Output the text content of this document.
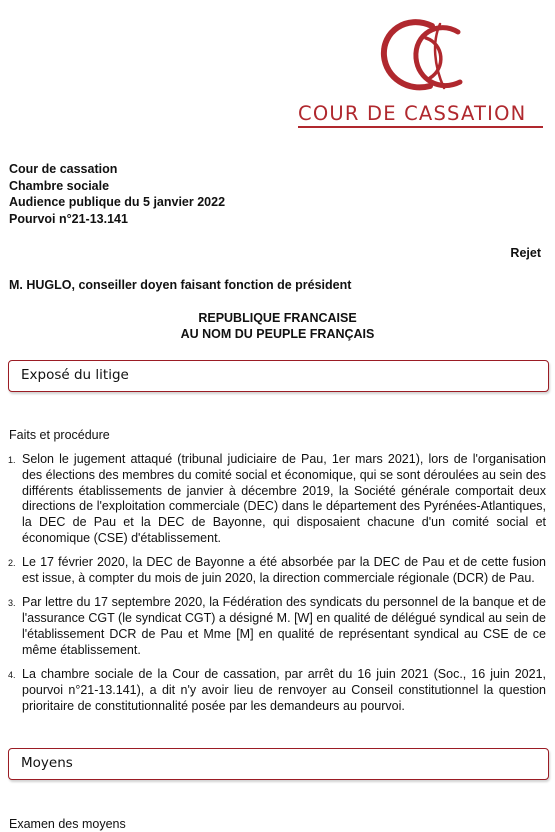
COUR DE CASSATION
Cour de cassation
Chambre sociale
Audience publique du 5 janvier 2022
Pourvoi n°21-13.141
Rejet
M. HUGLO, conseiller doyen faisant fonction de président
REPUBLIQUE FRANCAISE
AU NOM DU PEUPLE FRANÇAIS
Exposé du litige
Faits et procédure
1. Selon le jugement attaqué (tribunal judiciaire de Pau, 1er mars 2021), lors de l'organisation des élections des membres du comité social et économique, qui se sont déroulées au sein des différents établissements de janvier à décembre 2019, la Société générale comportait deux directions de l'exploitation commerciale (DEC) dans le département des Pyrénées-Atlantiques, la DEC de Pau et la DEC de Bayonne, qui disposaient chacune d'un comité social et économique (CSE) d'établissement.
2. Le 17 février 2020, la DEC de Bayonne a été absorbée par la DEC de Pau et de cette fusion est issue, à compter du mois de juin 2020, la direction commerciale régionale (DCR) de Pau.
3. Par lettre du 17 septembre 2020, la Fédération des syndicats du personnel de la banque et de l'assurance CGT (le syndicat CGT) a désigné M. [W] en qualité de délégué syndical au sein de l'établissement DCR de Pau et Mme [M] en qualité de représentant syndical au CSE de ce même établissement.
4. La chambre sociale de la Cour de cassation, par arrêt du 16 juin 2021 (Soc., 16 juin 2021, pourvoi n°21-13.141), a dit n'y avoir lieu de renvoyer au Conseil constitutionnel la question prioritaire de constitutionnalité posée par les demandeurs au pourvoi.
Moyens
Examen des moyens
